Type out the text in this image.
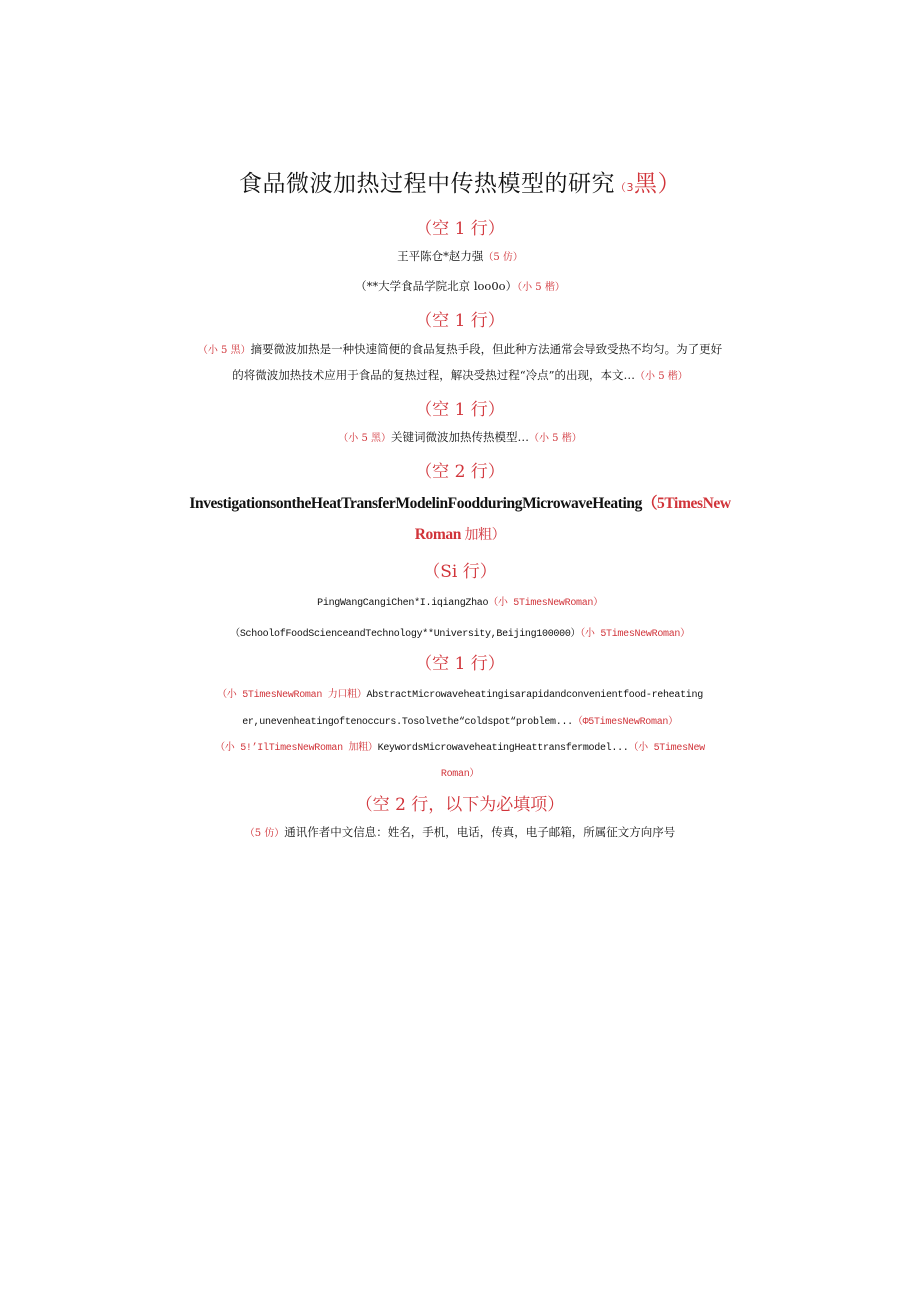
食品微波加热过程中传热模型的研究（3黑）
（空 1 行）
王平陈仓*赵力强（5 仿）
（**大学食品学院北京 loo0o）（小 5 楷）
（空 1 行）
（小 5 黑）摘要微波加热是一种快速简便的食品复热手段，但此种方法通常会导致受热不均匀。为了更好
的将微波加热技术应用于食品的复热过程，解决受热过程“冷点”的出现，本文…（小 5 楷）
（空 1 行）
（小 5 黑）关键词微波加热传热模型…（小 5 楷）
（空 2 行）
InvestigationsontheHeatTransferModelinFoodduringMicrowaveHeating（5TimesNew
Roman 加粗）
（Si 行）
PingWangCangiChen*I.iqiangZhao（小 5TimesNewRoman）
（SchoolofFoodScienceandTechnology**University,Beijing100000）（小 5TimesNewRoman）
（空 1 行）
（小 5TimesNewRoman 力口粗）AbstractMicrowaveheatingisarapidandconvenientfood-reheating
er,unevenheatingoftenoccurs.Tosolvethe“coldspot“problem...（Φ5TimesNewRoman）
（小 5!’IlTimesNewRoman 加粗）KeywordsMicrowaveheatingHeattransfermodel...（小 5TimesNew
Roman）
（空 2 行，以下为必填项）
（5 仿）通讯作者中文信息：姓名，手机，电话，传真，电子邮箱，所属征文方向序号
